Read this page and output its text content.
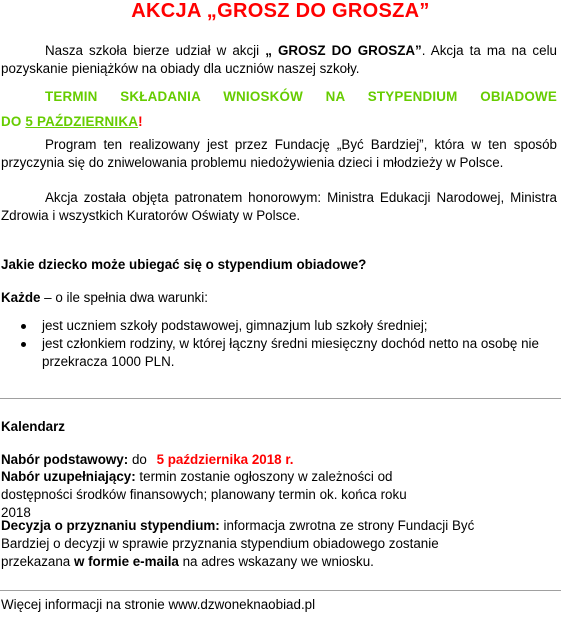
AKCJA „GROSZ DO GROSZA”

Nasza szkoła bierze udział w akcji „ GROSZ DO GROSZA”. Akcja ta ma na celu pozyskanie pieniążków na obiady dla uczniów naszej szkoły.

TERMIN SKŁADANIA WNIOSKÓW NA STYPENDIUM OBIADOWE

DO 5 PAŹDZIERNIKA!

Program ten realizowany jest przez Fundację „Być Bardziej”, która w ten sposób przyczynia się do zniwelowania problemu niedożywienia dzieci i młodzieży w Polsce.

Akcja została objęta patronatem honorowym: Ministra Edukacji Narodowej, Ministra Zdrowia i wszystkich Kuratorów Oświaty w Polsce.

Jakie dziecko może ubiegać się o stypendium obiadowe?

Każde – o ile spełnia dwa warunki:

jest uczniem szkoły podstawowej, gimnazjum lub szkoły średniej;
jest członkiem rodziny, w której łączny średni miesięczny dochód netto na osobę nie przekracza 1000 PLN.

Kalendarz

Nabór podstawowy: do 5 października 2018 r.

Nabór uzupełniający: termin zostanie ogłoszony w zależności od dostępności środków finansowych; planowany termin ok. końca roku 2018

Decyzja o przyznaniu stypendium: informacja zwrotna ze strony Fundacji Być Bardziej o decyzji w sprawie przyznania stypendium obiadowego zostanie przekazana w formie e-maila na adres wskazany we wniosku.

Więcej informacji na stronie www.dzwoneknaobiad.pl
